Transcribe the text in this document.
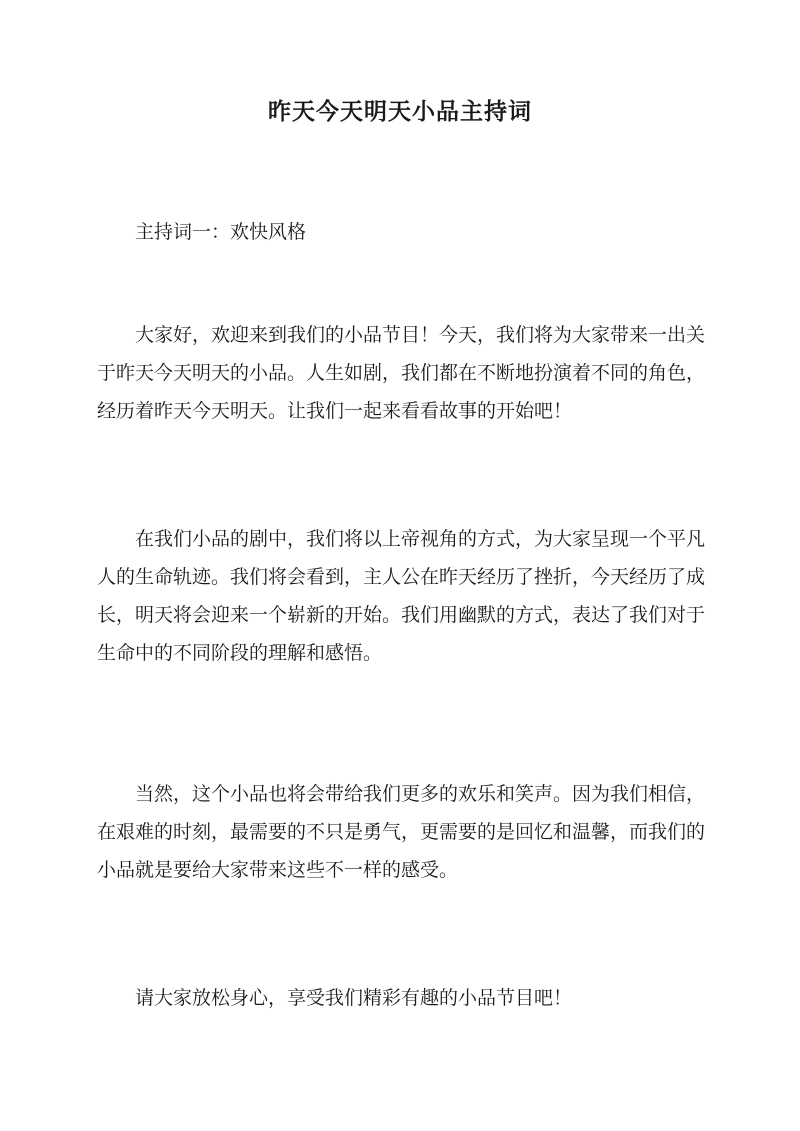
昨天今天明天小品主持词
主持词一：欢快风格
大家好，欢迎来到我们的小品节目！今天，我们将为大家带来一出关
于昨天今天明天的小品。人生如剧，我们都在不断地扮演着不同的角色，
经历着昨天今天明天。让我们一起来看看故事的开始吧！
在我们小品的剧中，我们将以上帝视角的方式，为大家呈现一个平凡
人的生命轨迹。我们将会看到，主人公在昨天经历了挫折，今天经历了成
长，明天将会迎来一个崭新的开始。我们用幽默的方式，表达了我们对于
生命中的不同阶段的理解和感悟。
当然，这个小品也将会带给我们更多的欢乐和笑声。因为我们相信，
在艰难的时刻，最需要的不只是勇气，更需要的是回忆和温馨，而我们的
小品就是要给大家带来这些不一样的感受。
请大家放松身心，享受我们精彩有趣的小品节目吧！
